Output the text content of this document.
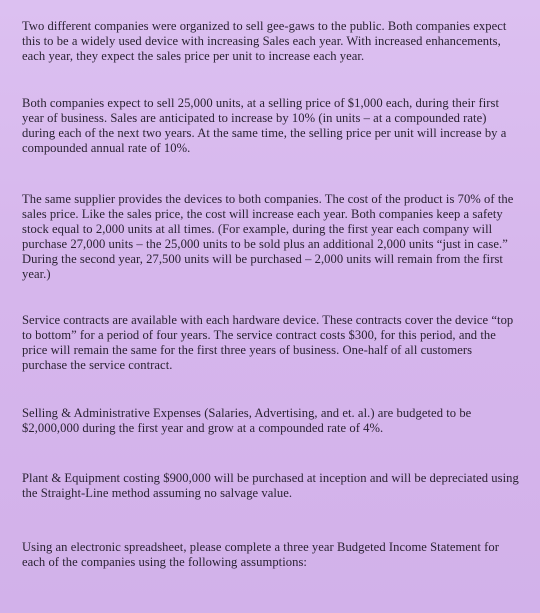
Two different companies were organized to sell gee-gaws to the public. Both companies expect this to be a widely used device with increasing Sales each year. With increased enhancements, each year, they expect the sales price per unit to increase each year.

Both companies expect to sell 25,000 units, at a selling price of $1,000 each, during their first year of business. Sales are anticipated to increase by 10% (in units – at a compounded rate) during each of the next two years. At the same time, the selling price per unit will increase by a compounded annual rate of 10%.

The same supplier provides the devices to both companies. The cost of the product is 70% of the sales price. Like the sales price, the cost will increase each year. Both companies keep a safety stock equal to 2,000 units at all times. (For example, during the first year each company will purchase 27,000 units – the 25,000 units to be sold plus an additional 2,000 units “just in case.” During the second year, 27,500 units will be purchased – 2,000 units will remain from the first year.)

Service contracts are available with each hardware device. These contracts cover the device “top to bottom” for a period of four years. The service contract costs $300, for this period, and the price will remain the same for the first three years of business. One-half of all customers purchase the service contract.

Selling & Administrative Expenses (Salaries, Advertising, and et. al.) are budgeted to be $2,000,000 during the first year and grow at a compounded rate of 4%.

Plant & Equipment costing $900,000 will be purchased at inception and will be depreciated using the Straight-Line method assuming no salvage value.

Using an electronic spreadsheet, please complete a three year Budgeted Income Statement for each of the companies using the following assumptions:
